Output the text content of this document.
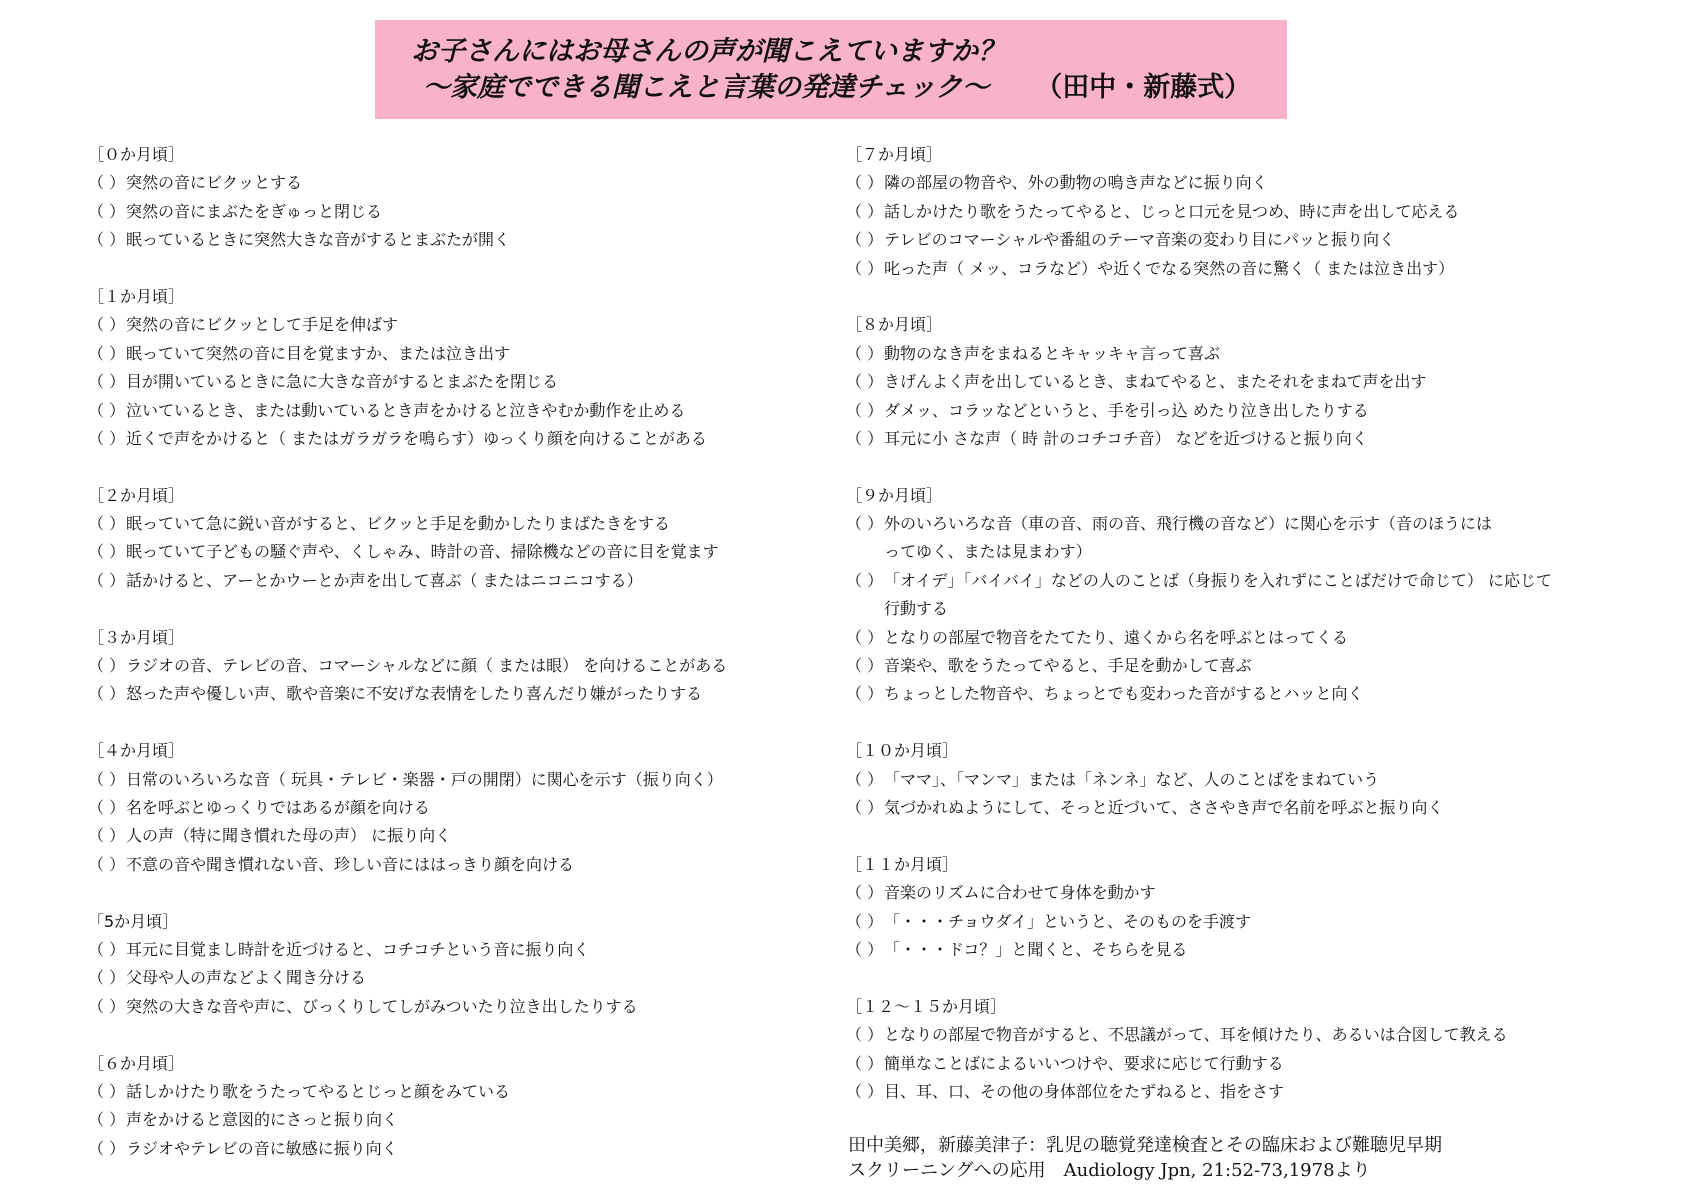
お子さんにはお母さんの声が聞こえていますか？
～家庭でできる聞こえと言葉の発達チェック～ （田中・新藤式）
［０か月頃］
（ ）突然の音にビクッとする
（ ）突然の音にまぶたをぎゅっと閉じる
（ ）眠っているときに突然大きな音がするとまぶたが開く
［１か月頃］
（ ）突然の音にビクッとして手足を伸ばす
（ ）眠っていて突然の音に目を覚ますか、または泣き出す
（ ）目が開いているときに急に大きな音がするとまぶたを閉じる
（ ）泣いているとき、または動いているとき声をかけると泣きやむか動作を止める
（ ）近くで声をかけると（ またはガラガラを鳴らす）ゆっくり顔を向けることがある
［２か月頃］
（ ）眠っていて急に鋭い音がすると、ビクッと手足を動かしたりまばたきをする
（ ）眠っていて子どもの騒ぐ声や、くしゃみ、時計の音、掃除機などの音に目を覚ます
（ ）話かけると、アーとかウーとか声を出して喜ぶ（ またはニコニコする）
［３か月頃］
（ ）ラジオの音、テレビの音、コマーシャルなどに顔（ または眼） を向けることがある
（ ）怒った声や優しい声、歌や音楽に不安げな表情をしたり喜んだり嫌がったりする
［４か月頃］
（ ）日常のいろいろな音（ 玩具・テレビ・楽器・戸の開閉）に関心を示す（振り向く）
（ ）名を呼ぶとゆっくりではあるが顔を向ける
（ ）人の声（特に聞き慣れた母の声） に振り向く
（ ）不意の音や聞き慣れない音、珍しい音にははっきり顔を向ける
「5か月頃］
（ ）耳元に目覚まし時計を近づけると、コチコチという音に振り向く
（ ）父母や人の声などよく聞き分ける
（ ）突然の大きな音や声に、びっくりしてしがみついたり泣き出したりする
［６か月頃］
（ ）話しかけたり歌をうたってやるとじっと顔をみている
（ ）声をかけると意図的にさっと振り向く
（ ）ラジオやテレビの音に敏感に振り向く
［７か月頃］
（ ）隣の部屋の物音や、外の動物の鳴き声などに振り向く
（ ）話しかけたり歌をうたってやると、じっと口元を見つめ、時に声を出して応える
（ ）テレビのコマーシャルや番組のテーマ音楽の変わり目にパッと振り向く
（ ）叱った声（ メッ、コラなど）や近くでなる突然の音に驚く（ または泣き出す）
［８か月頃］
（ ）動物のなき声をまねるとキャッキャ言って喜ぶ
（ ）きげんよく声を出しているとき、まねてやると、またそれをまねて声を出す
（ ）ダメッ、コラッなどというと、手を引っ込 めたり泣き出したりする
（ ）耳元に小 さな声（ 時 計のコチコチ音） などを近づけると振り向く
［９か月頃］
（ ）外のいろいろな音（車の音、雨の音、飛行機の音など）に関心を示す（音のほうには
ってゆく、または見まわす）
（ ）「オイデ」「バイバイ」などの人のことば（身振りを入れずにことばだけで命じて） に応じて
行動する
（ ）となりの部屋で物音をたてたり、遠くから名を呼ぶとはってくる
（ ）音楽や、歌をうたってやると、手足を動かして喜ぶ
（ ）ちょっとした物音や、ちょっとでも変わった音がするとハッと向く
［１０か月頃］
（ ）「ママ」、「マンマ」または「ネンネ」など、人のことばをまねていう
（ ）気づかれぬようにして、そっと近づいて、ささやき声で名前を呼ぶと振り向く
［１１か月頃］
（ ）音楽のリズムに合わせて身体を動かす
（ ）「・・・チョウダイ」というと、そのものを手渡す
（ ）「・・・ドコ？」と聞くと、そちらを見る
［１２～１５か月頃］
（ ）となりの部屋で物音がすると、不思議がって、耳を傾けたり、あるいは合図して教える
（ ）簡単なことばによるいいつけや、要求に応じて行動する
（ ）目、耳、口、その他の身体部位をたずねると、指をさす
田中美郷，新藤美津子：乳児の聴覚発達検査とその臨床および難聴児早期
スクリーニングへの応用　Audiology Jpn, 21:52-73,1978より
